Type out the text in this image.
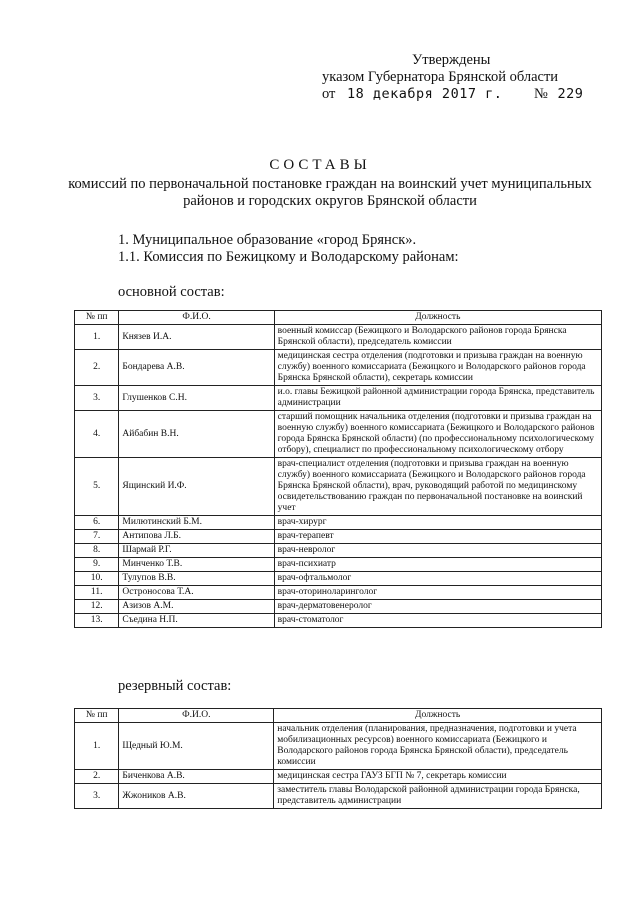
Утверждены
указом Губернатора Брянской области
от 18 декабря 2017 г. № 229
СОСТАВЫ
комиссий по первоначальной постановке граждан на воинский учет муниципальных районов и городских округов Брянской области
1. Муниципальное образование «город Брянск».
1.1. Комиссия по Бежицкому и Володарскому районам:
основной состав:
№ пп	Ф.И.О.	Должность
1.	Князев И.А.	военный комиссар (Бежицкого и Володарского районов города Брянска Брянской области), председатель комиссии
2.	Бондарева А.В.	медицинская сестра отделения (подготовки и призыва граждан на военную службу) военного комиссариата (Бежицкого и Володарского районов города Брянска Брянской области), секретарь комиссии
3.	Глушенков С.Н.	и.о. главы Бежицкой районной администрации города Брянска, представитель администрации
4.	Айбабин В.Н.	старший помощник начальника отделения (подготовки и призыва граждан на военную службу) военного комиссариата (Бежицкого и Володарского районов города Брянска Брянской области) (по профессиональному психологическому отбору), специалист по профессиональному психологическому отбору
5.	Ящинский И.Ф.	врач-специалист отделения (подготовки и призыва граждан на военную службу) военного комиссариата (Бежицкого и Володарского районов города Брянска Брянской области), врач, руководящий работой по медицинскому освидетельствованию граждан по первоначальной постановке на воинский учет
6.	Милютинский Б.М.	врач-хирург
7.	Антипова Л.Б.	врач-терапевт
8.	Шармай Р.Г.	врач-невролог
9.	Минченко Т.В.	врач-психиатр
10.	Тулупов В.В.	врач-офтальмолог
11.	Остроносова Т.А.	врач-оториноларинголог
12.	Азизов А.М.	врач-дерматовенеролог
13.	Съедина Н.П.	врач-стоматолог
резервный состав:
№ пп	Ф.И.О.	Должность
1.	Щедный Ю.М.	начальник отделения (планирования, предназначения, подготовки и учета мобилизационных ресурсов) военного комиссариата (Бежицкого и Володарского районов города Брянска Брянской области), председатель комиссии
2.	Биченкова А.В.	медицинская сестра ГАУЗ БГП № 7, секретарь комиссии
3.	Жжоников А.В.	заместитель главы Володарской районной администрации города Брянска, представитель администрации
